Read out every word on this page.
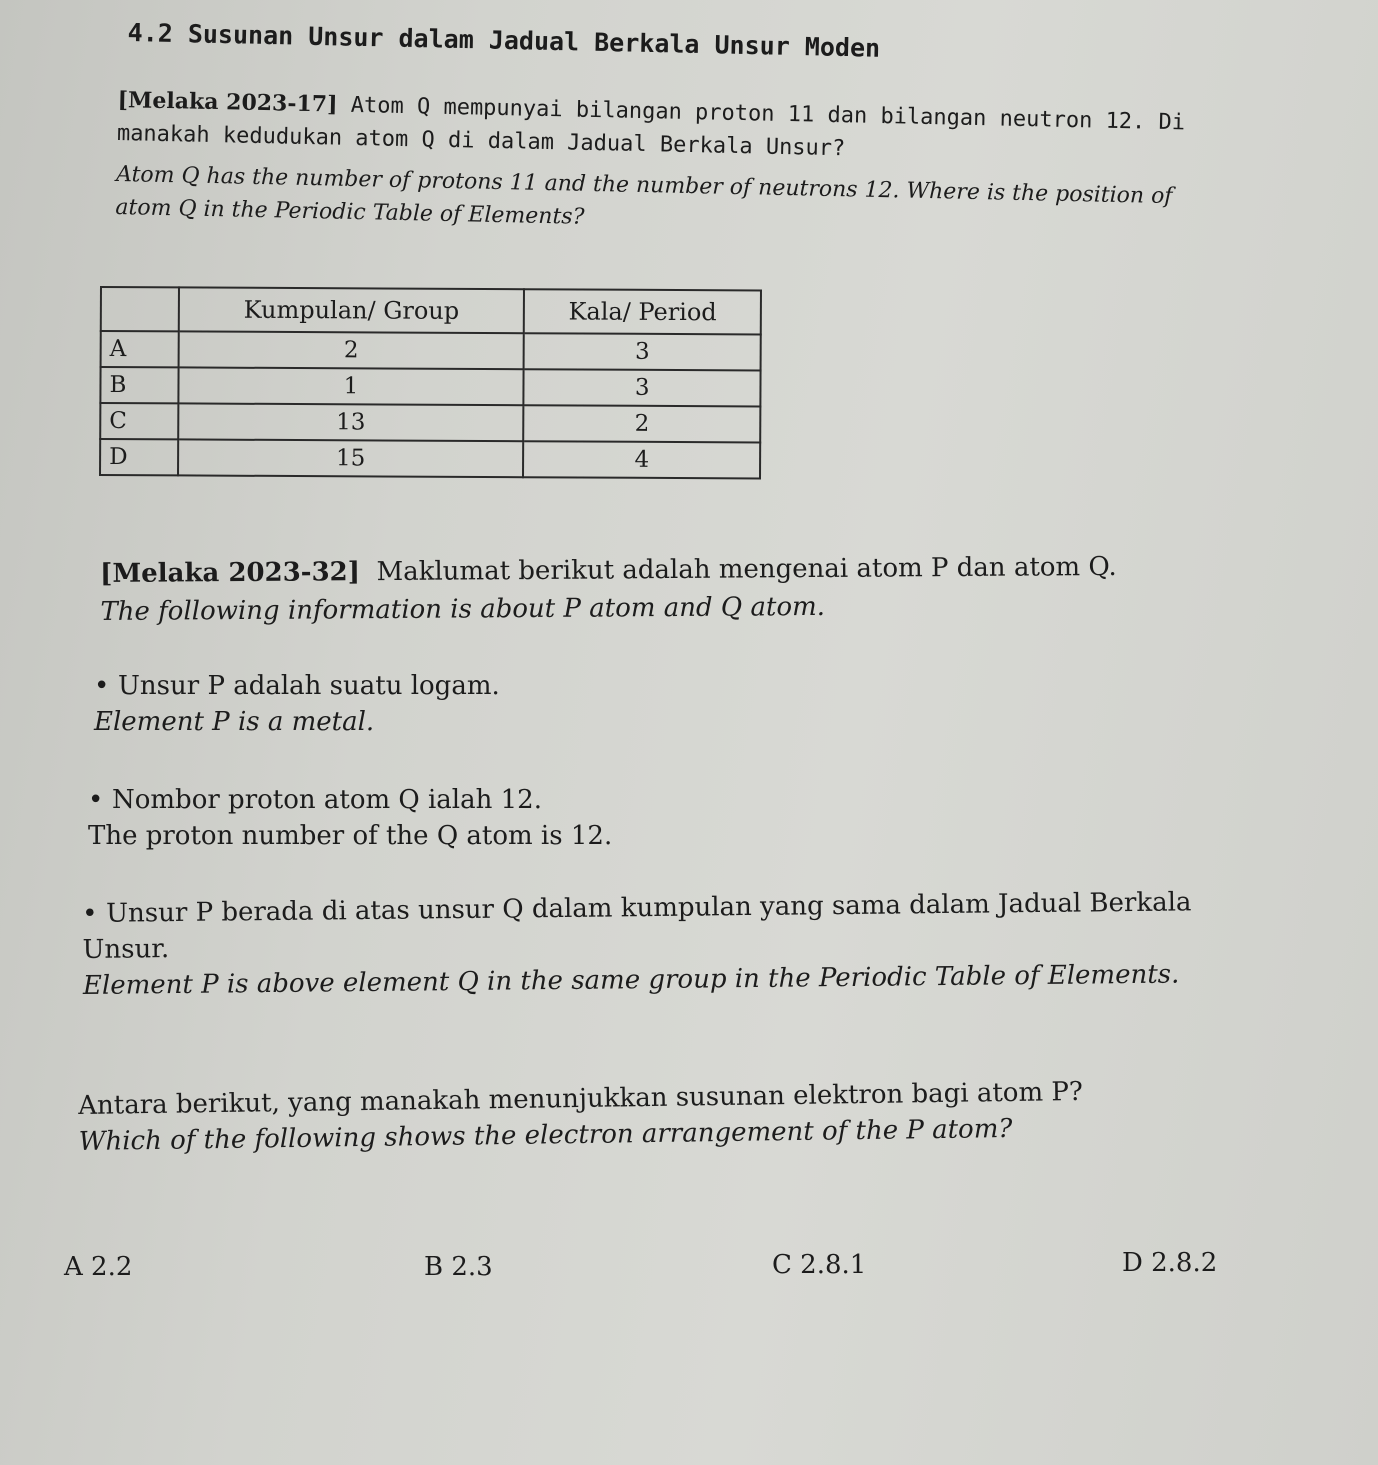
4.2 Susunan Unsur dalam Jadual Berkala Unsur Moden

[Melaka 2023-17] Atom Q mempunyai bilangan proton 11 dan bilangan neutron 12. Di manakah kedudukan atom Q di dalam Jadual Berkala Unsur?

Atom Q has the number of protons 11 and the number of neutrons 12. Where is the position of atom Q in the Periodic Table of Elements?

	Kumpulan/ Group	Kala/ Period
A	2	3
B	1	3
C	13	2
D	15	4

[Melaka 2023-32] Maklumat berikut adalah mengenai atom P dan atom Q.

The following information is about P atom and Q atom.

• Unsur P adalah suatu logam.

Element P is a metal.

• Nombor proton atom Q ialah 12.

The proton number of the Q atom is 12.

• Unsur P berada di atas unsur Q dalam kumpulan yang sama dalam Jadual Berkala Unsur.

Element P is above element Q in the same group in the Periodic Table of Elements.

Antara berikut, yang manakah menunjukkan susunan elektron bagi atom P?

Which of the following shows the electron arrangement of the P atom?

A 2.2	B 2.3	C 2.8.1	D 2.8.2
